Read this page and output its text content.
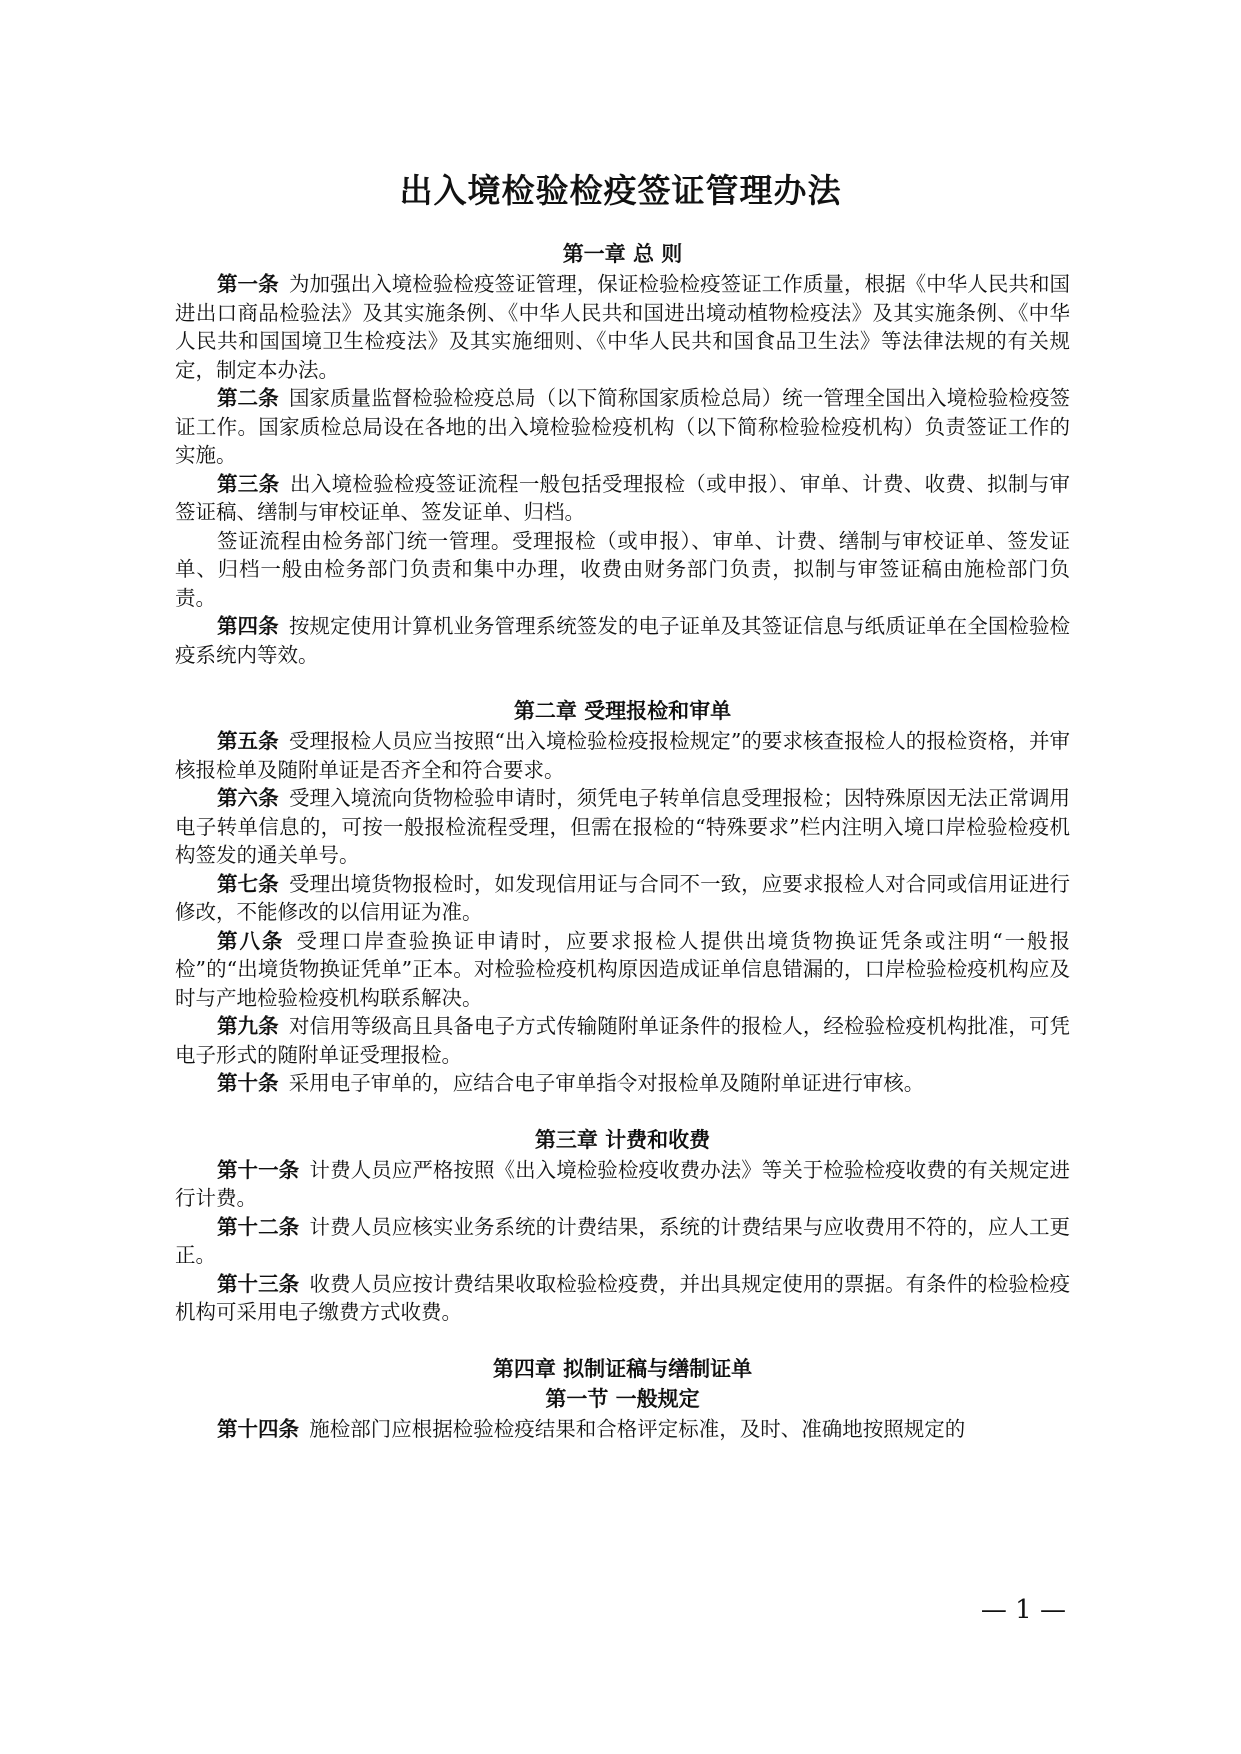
出入境检验检疫签证管理办法
第一章 总 则

第一条  为加强出入境检验检疫签证管理，保证检验检疫签证工作质量，根据《中华人民共和国进出口商品检验法》及其实施条例、《中华人民共和国进出境动植物检疫法》及其实施条例、《中华人民共和国国境卫生检疫法》及其实施细则、《中华人民共和国食品卫生法》等法律法规的有关规定，制定本办法。

第二条  国家质量监督检验检疫总局（以下简称国家质检总局）统一管理全国出入境检验检疫签证工作。国家质检总局设在各地的出入境检验检疫机构（以下简称检验检疫机构）负责签证工作的实施。

第三条  出入境检验检疫签证流程一般包括受理报检（或申报）、审单、计费、收费、拟制与审签证稿、缮制与审校证单、签发证单、归档。

签证流程由检务部门统一管理。受理报检（或申报）、审单、计费、缮制与审校证单、签发证单、归档一般由检务部门负责和集中办理，收费由财务部门负责，拟制与审签证稿由施检部门负责。

第四条  按规定使用计算机业务管理系统签发的电子证单及其签证信息与纸质证单在全国检验检疫系统内等效。

第二章 受理报检和审单

第五条  受理报检人员应当按照“出入境检验检疫报检规定”的要求核查报检人的报检资格，并审核报检单及随附单证是否齐全和符合要求。

第六条  受理入境流向货物检验申请时，须凭电子转单信息受理报检；因特殊原因无法正常调用电子转单信息的，可按一般报检流程受理，但需在报检的“特殊要求”栏内注明入境口岸检验检疫机构签发的通关单号。

第七条  受理出境货物报检时，如发现信用证与合同不一致，应要求报检人对合同或信用证进行修改，不能修改的以信用证为准。

第八条  受理口岸查验换证申请时，应要求报检人提供出境货物换证凭条或注明“一般报检”的“出境货物换证凭单”正本。对检验检疫机构原因造成证单信息错漏的，口岸检验检疫机构应及时与产地检验检疫机构联系解决。

第九条  对信用等级高且具备电子方式传输随附单证条件的报检人，经检验检疫机构批准，可凭电子形式的随附单证受理报检。

第十条  采用电子审单的，应结合电子审单指令对报检单及随附单证进行审核。

第三章 计费和收费

第十一条  计费人员应严格按照《出入境检验检疫收费办法》等关于检验检疫收费的有关规定进行计费。

第十二条  计费人员应核实业务系统的计费结果，系统的计费结果与应收费用不符的，应人工更正。

第十三条  收费人员应按计费结果收取检验检疫费，并出具规定使用的票据。有条件的检验检疫机构可采用电子缴费方式收费。

第四章 拟制证稿与缮制证单
第一节 一般规定

第十四条  施检部门应根据检验检疫结果和合格评定标准，及时、准确地按照规定的

— 1 —
